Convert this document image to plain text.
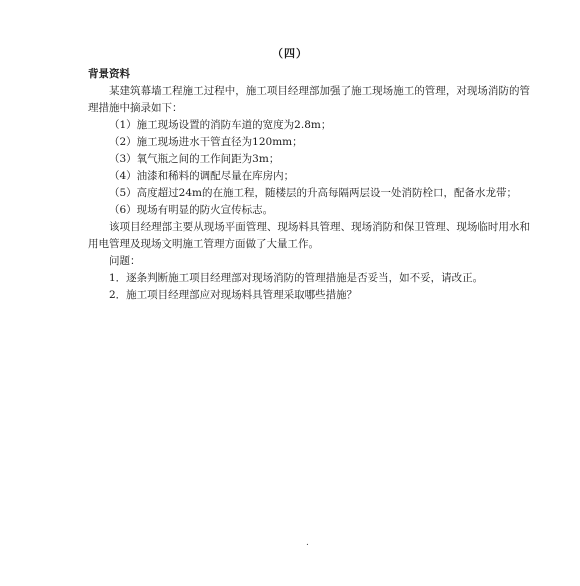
（四）
背景资料

某建筑幕墙工程施工过程中，施工项目经理部加强了施工现场施工的管理，对现场消防的管理措施中摘录如下：

（1）施工现场设置的消防车道的宽度为2.8m；

（2）施工现场进水干管直径为120mm；

（3）氧气瓶之间的工作间距为3m；

（4）油漆和稀料的调配尽量在库房内；

（5）高度超过24m的在施工程，随楼层的升高每隔两层设一处消防栓口，配备水龙带；

（6）现场有明显的防火宣传标志。

该项目经理部主要从现场平面管理、现场料具管理、现场消防和保卫管理、现场临时用水和用电管理及现场文明施工管理方面做了大量工作。

问题：

1．逐条判断施工项目经理部对现场消防的管理措施是否妥当，如不妥，请改正。

2．施工项目经理部应对现场料具管理采取哪些措施？

.
